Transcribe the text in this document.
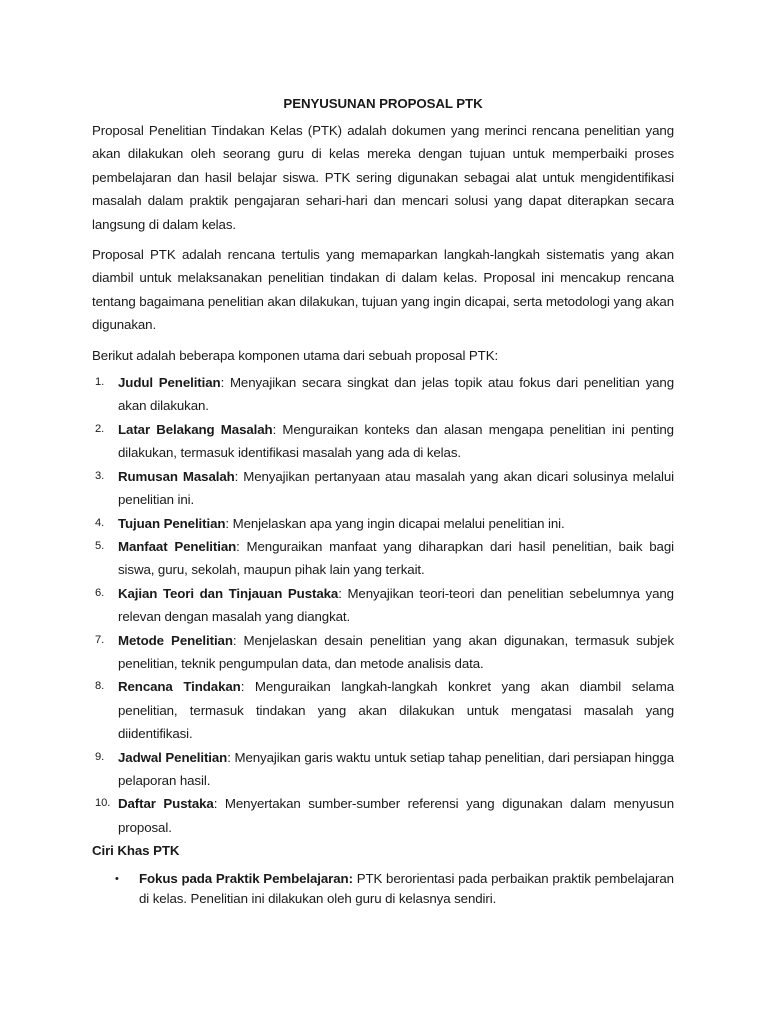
PENYUSUNAN PROPOSAL PTK

Proposal Penelitian Tindakan Kelas (PTK) adalah dokumen yang merinci rencana penelitian yang akan dilakukan oleh seorang guru di kelas mereka dengan tujuan untuk memperbaiki proses pembelajaran dan hasil belajar siswa. PTK sering digunakan sebagai alat untuk mengidentifikasi masalah dalam praktik pengajaran sehari-hari dan mencari solusi yang dapat diterapkan secara langsung di dalam kelas.

Proposal PTK adalah rencana tertulis yang memaparkan langkah-langkah sistematis yang akan diambil untuk melaksanakan penelitian tindakan di dalam kelas. Proposal ini mencakup rencana tentang bagaimana penelitian akan dilakukan, tujuan yang ingin dicapai, serta metodologi yang akan digunakan.

Berikut adalah beberapa komponen utama dari sebuah proposal PTK:

1. Judul Penelitian: Menyajikan secara singkat dan jelas topik atau fokus dari penelitian yang akan dilakukan.
2. Latar Belakang Masalah: Menguraikan konteks dan alasan mengapa penelitian ini penting dilakukan, termasuk identifikasi masalah yang ada di kelas.
3. Rumusan Masalah: Menyajikan pertanyaan atau masalah yang akan dicari solusinya melalui penelitian ini.
4. Tujuan Penelitian: Menjelaskan apa yang ingin dicapai melalui penelitian ini.
5. Manfaat Penelitian: Menguraikan manfaat yang diharapkan dari hasil penelitian, baik bagi siswa, guru, sekolah, maupun pihak lain yang terkait.
6. Kajian Teori dan Tinjauan Pustaka: Menyajikan teori-teori dan penelitian sebelumnya yang relevan dengan masalah yang diangkat.
7. Metode Penelitian: Menjelaskan desain penelitian yang akan digunakan, termasuk subjek penelitian, teknik pengumpulan data, dan metode analisis data.
8. Rencana Tindakan: Menguraikan langkah-langkah konkret yang akan diambil selama penelitian, termasuk tindakan yang akan dilakukan untuk mengatasi masalah yang diidentifikasi.
9. Jadwal Penelitian: Menyajikan garis waktu untuk setiap tahap penelitian, dari persiapan hingga pelaporan hasil.
10. Daftar Pustaka: Menyertakan sumber-sumber referensi yang digunakan dalam menyusun proposal.
Ciri Khas PTK
• Fokus pada Praktik Pembelajaran: PTK berorientasi pada perbaikan praktik pembelajaran di kelas. Penelitian ini dilakukan oleh guru di kelasnya sendiri.
